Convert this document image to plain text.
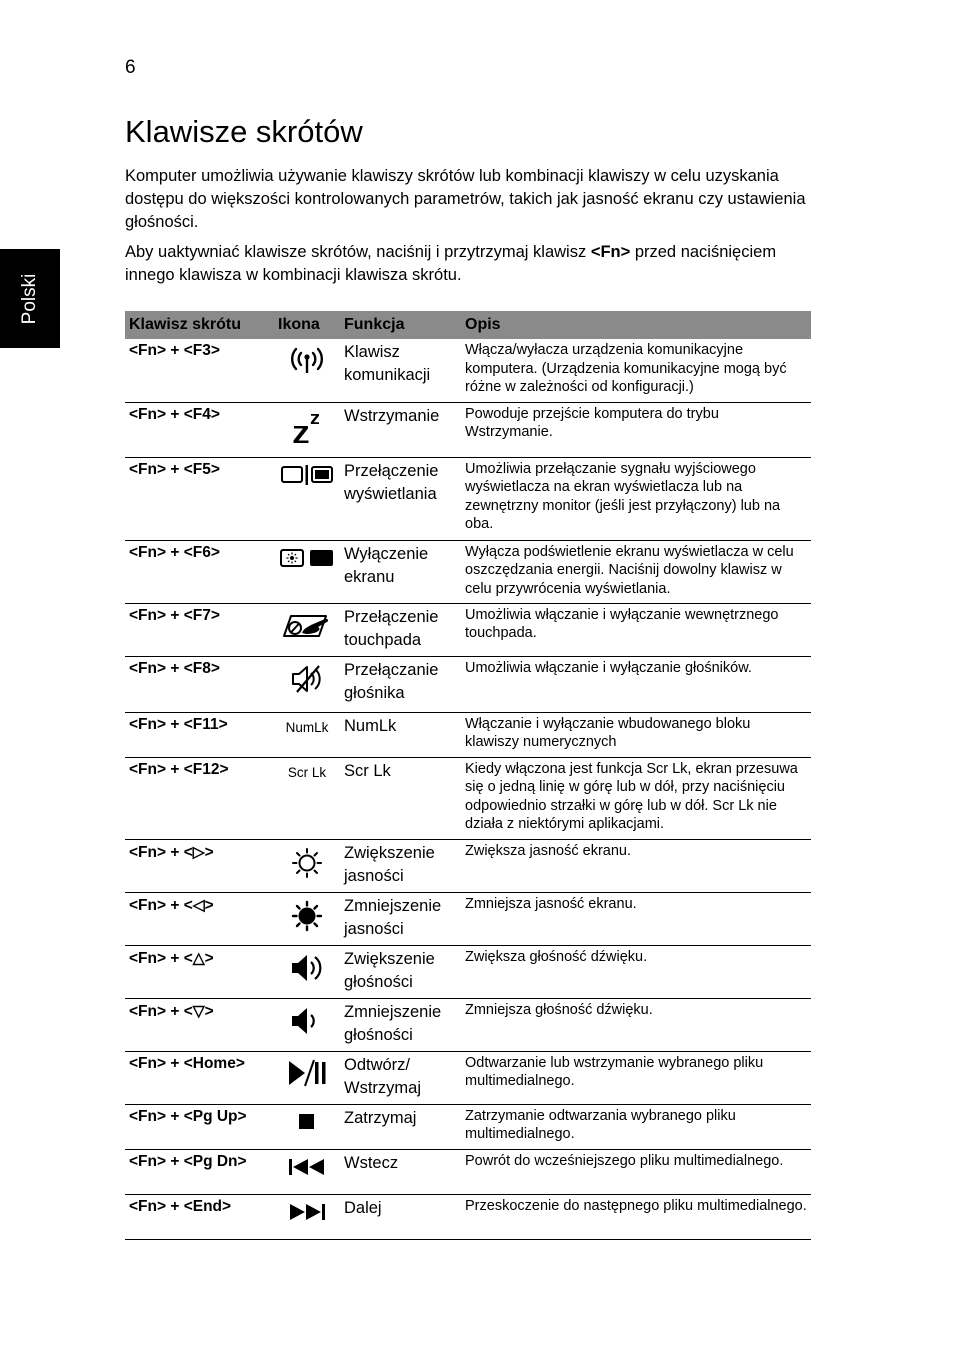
6
Polski
Klawisze skrótów

Komputer umożliwia używanie klawiszy skrótów lub kombinacji klawiszy w celu uzyskania dostępu do większości kontrolowanych parametrów, takich jak jasność ekranu czy ustawienia głośności.

Aby uaktywniać klawisze skrótów, naciśnij i przytrzymaj klawisz <Fn> przed naciśnięciem innego klawisza w kombinacji klawisza skrótu.

Klawisz skrótu	Ikona	Funkcja	Opis
<Fn> + <F3>		Klawisz komunikacji	Włącza/wyłacza urządzenia komunikacyjne komputera. (Urządzenia komunikacyjne mogą być różne w zależności od konfiguracji.)
<Fn> + <F4>		Wstrzymanie	Powoduje przejście komputera do trybu Wstrzymanie.
<Fn> + <F5>		Przełączenie wyświetlania	Umożliwia przełączanie sygnału wyjściowego wyświetlacza na ekran wyświetlacza lub na zewnętrzny monitor (jeśli jest przyłączony) lub na oba.
<Fn> + <F6>		Wyłączenie ekranu	Wyłącza podświetlenie ekranu wyświetlacza w celu oszczędzania energii. Naciśnij dowolny klawisz w celu przywrócenia wyświetlania.
<Fn> + <F7>		Przełączenie touchpada	Umożliwia włączanie i wyłączanie wewnętrznego touchpada.
<Fn> + <F8>		Przełączanie głośnika	Umożliwia włączanie i wyłączanie głośników.
<Fn> + <F11>	NumLk	NumLk	Włączanie i wyłączanie wbudowanego bloku klawiszy numerycznych
<Fn> + <F12>	Scr Lk	Scr Lk	Kiedy włączona jest funkcja Scr Lk, ekran przesuwa się o jedną linię w górę lub w dół, przy naciśnięciu odpowiednio strzałki w górę lub w dół. Scr Lk nie działa z niektórymi aplikacjami.
<Fn> + <▷>		Zwiększenie jasności	Zwiększa jasność ekranu.
<Fn> + <◁>		Zmniejszenie jasności	Zmniejsza jasność ekranu.
<Fn> + <△>		Zwiększenie głośności	Zwiększa głośność dźwięku.
<Fn> + <▽>		Zmniejszenie głośności	Zmniejsza głośność dźwięku.
<Fn> + <Home>		Odtwórz/ Wstrzymaj	Odtwarzanie lub wstrzymanie wybranego pliku multimedialnego.
<Fn> + <Pg Up>		Zatrzymaj	Zatrzymanie odtwarzania wybranego pliku multimedialnego.
<Fn> + <Pg Dn>		Wstecz	Powrót do wcześniejszego pliku multimedialnego.
<Fn> + <End>		Dalej	Przeskoczenie do następnego pliku multimedialnego.
